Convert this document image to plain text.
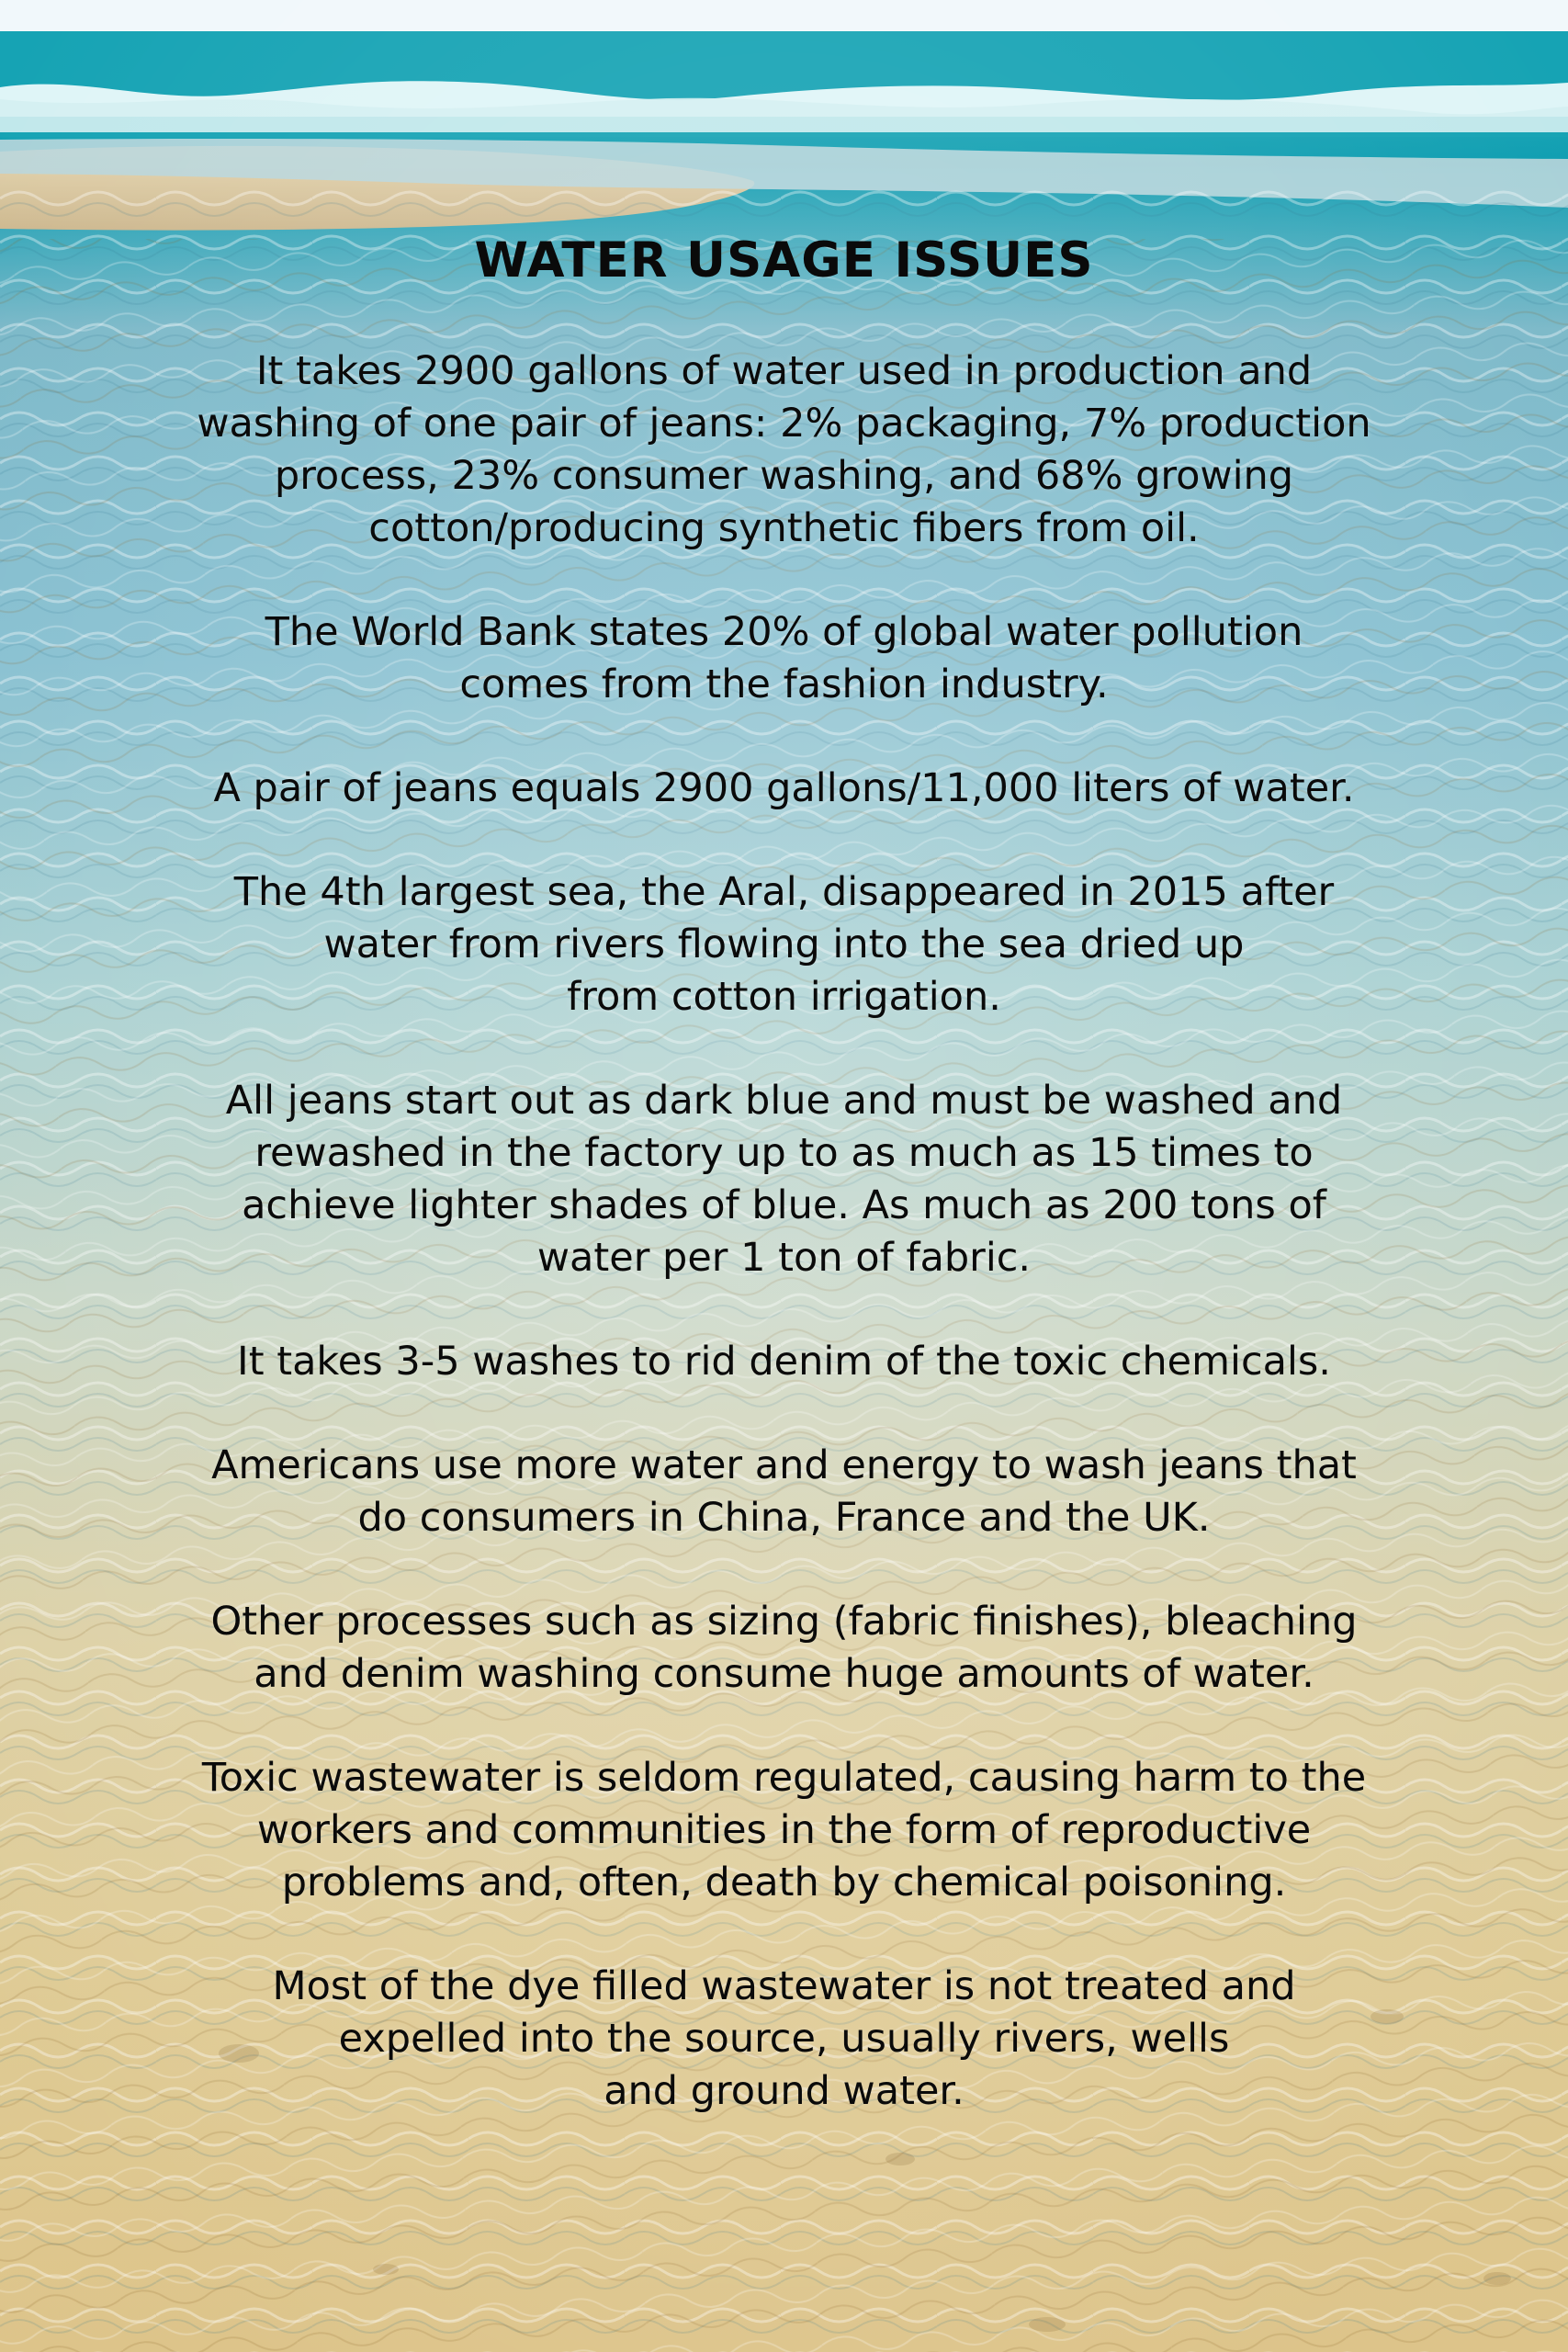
WATER USAGE ISSUES

It takes 2900 gallons of water used in production and
washing of one pair of jeans: 2% packaging, 7% production
process, 23% consumer washing, and 68% growing
cotton/producing synthetic fibers from oil.

The World Bank states 20% of global water pollution
comes from the fashion industry.

A pair of jeans equals 2900 gallons/11,000 liters of water.

The 4th largest sea, the Aral, disappeared in 2015 after
water from rivers flowing into the sea dried up
from cotton irrigation.

All jeans start out as dark blue and must be washed and
rewashed in the factory up to as much as 15 times to
achieve lighter shades of blue. As much as 200 tons of
water per 1 ton of fabric.

It takes 3-5 washes to rid denim of the toxic chemicals.

Americans use more water and energy to wash jeans that
do consumers in China, France and the UK.

Other processes such as sizing (fabric finishes), bleaching
and denim washing consume huge amounts of water.

Toxic wastewater is seldom regulated, causing harm to the
workers and communities in the form of reproductive
problems and, often, death by chemical poisoning.

Most of the dye filled wastewater is not treated and
expelled into the source, usually rivers, wells
and ground water.
